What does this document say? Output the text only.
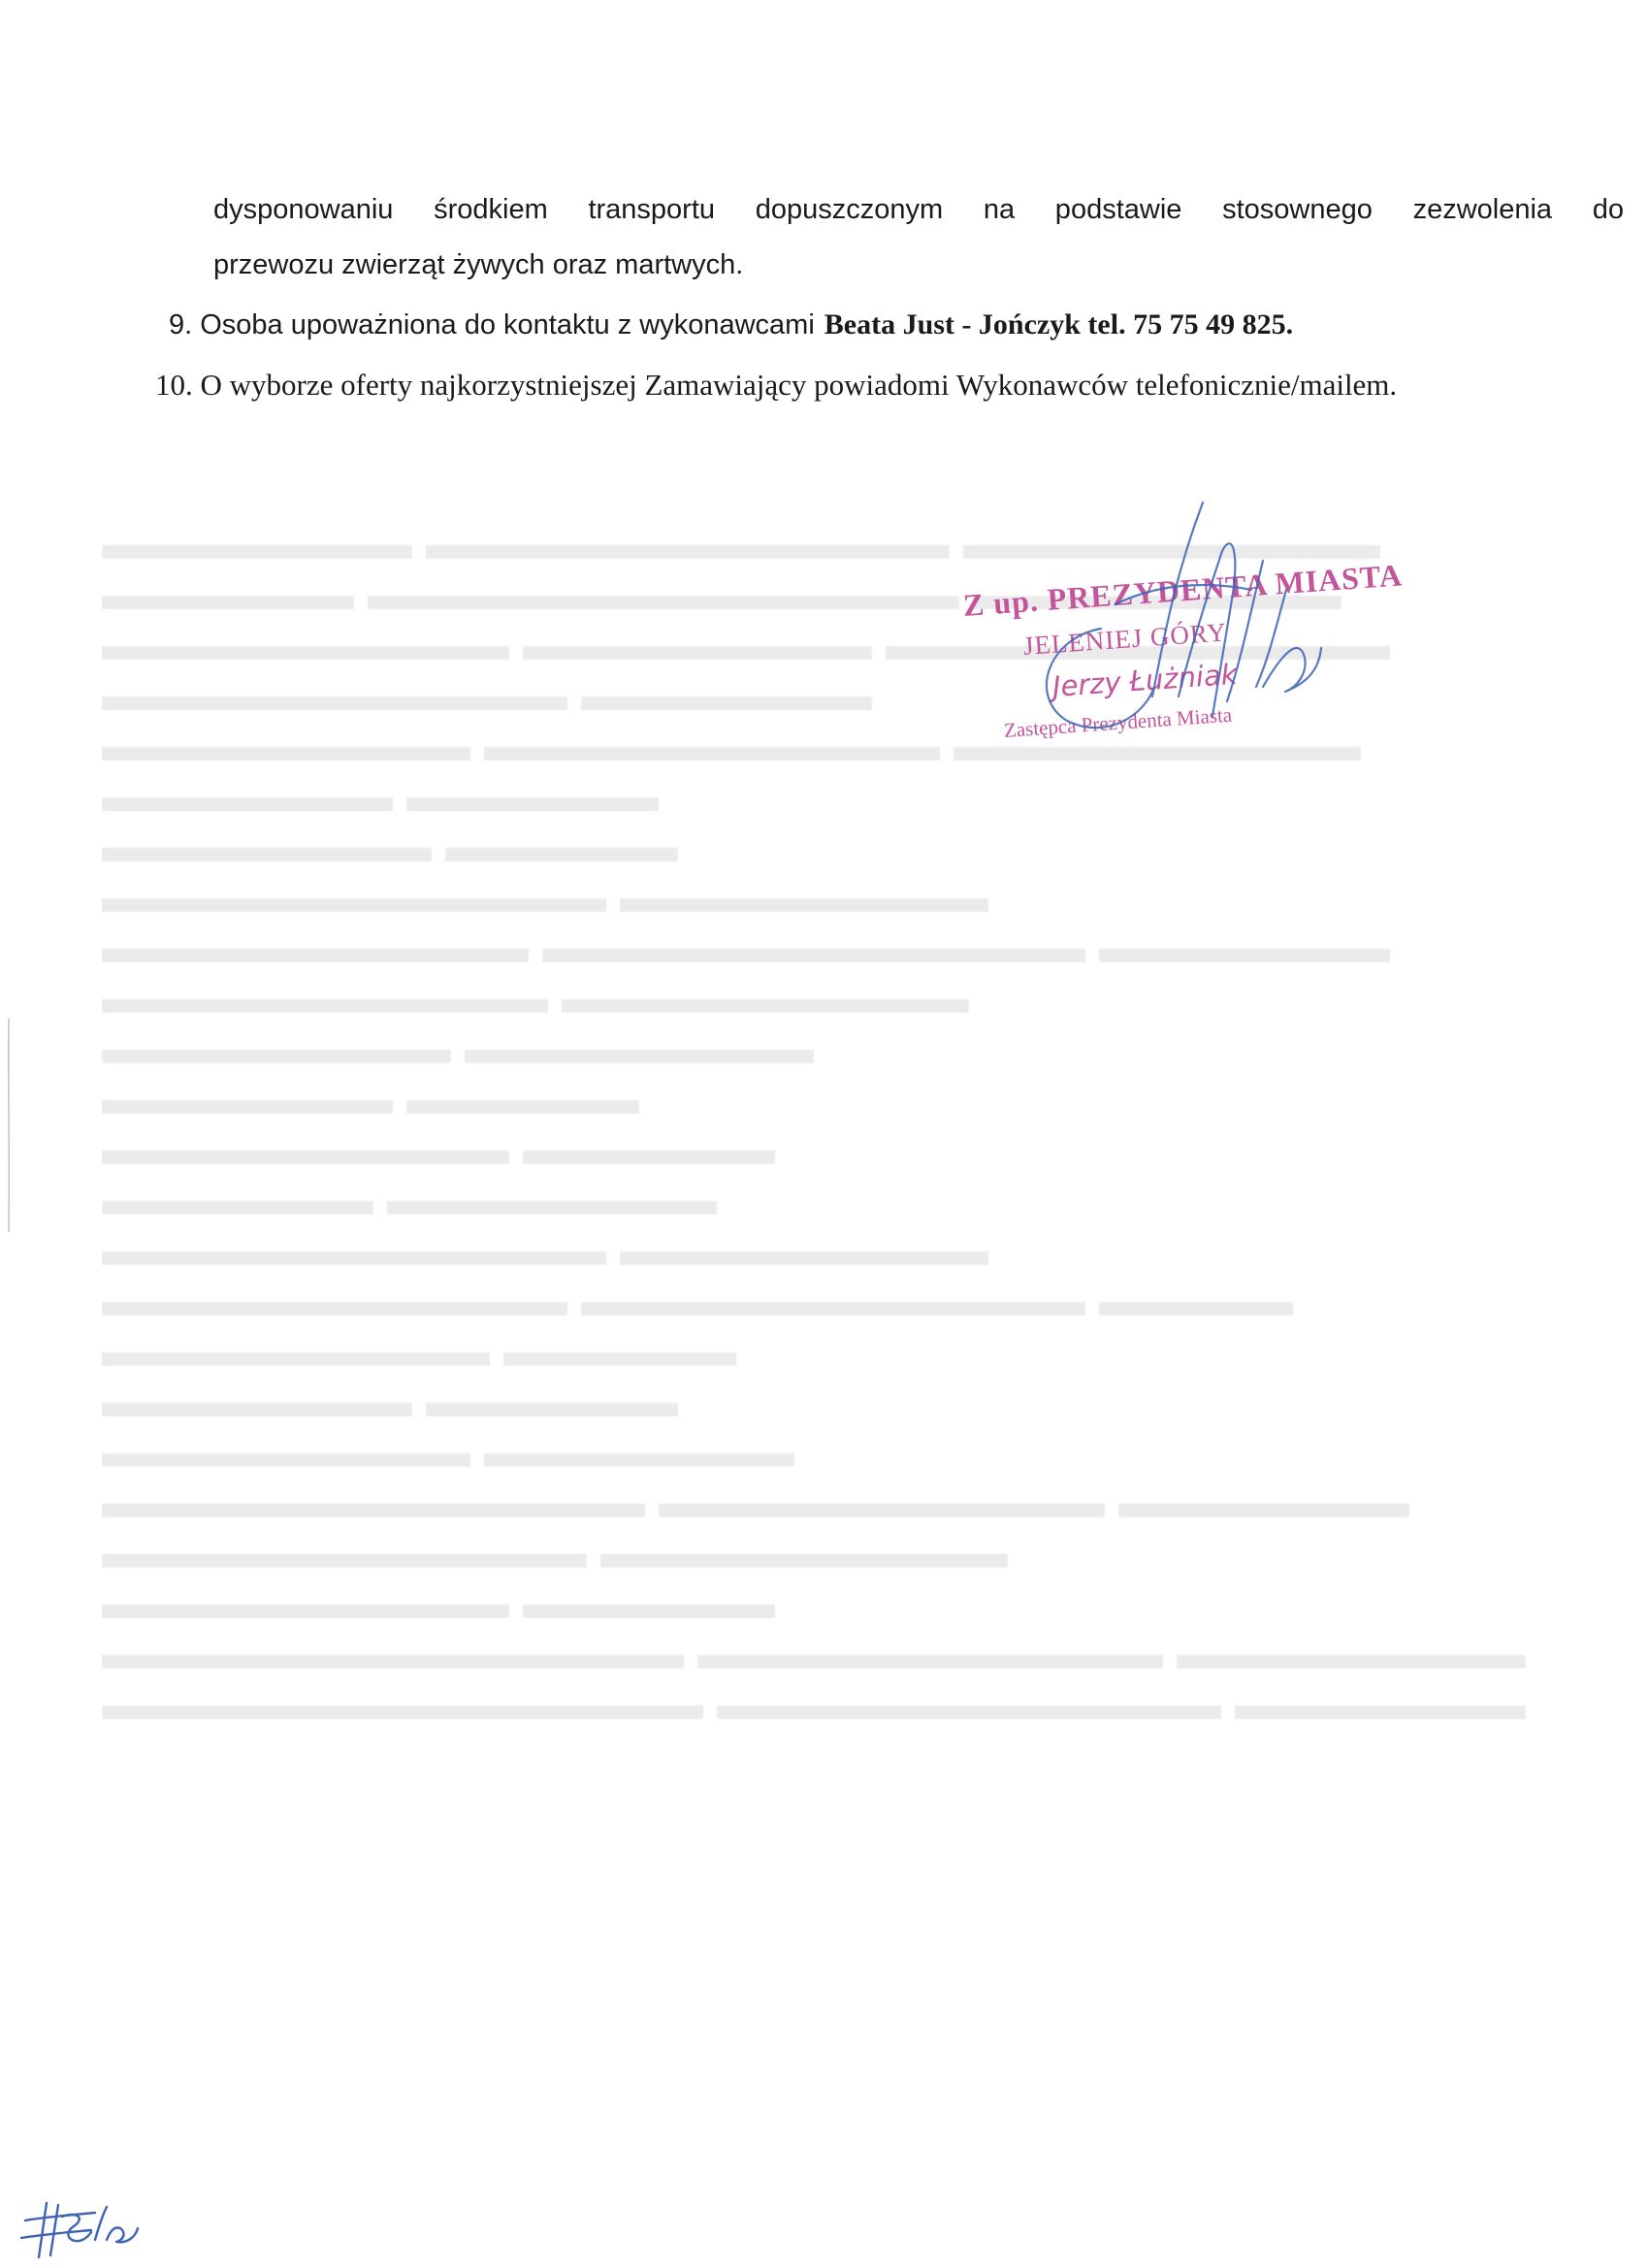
dysponowaniu środkiem transportu dopuszczonym na podstawie stosownego zezwolenia do
przewozu zwierząt żywych oraz martwych.
9. Osoba upoważniona do kontaktu z wykonawcami Beata Just - Jończyk tel. 75 75 49 825.
10. O wyborze oferty najkorzystniejszej Zamawiający powiadomi Wykonawców telefonicznie/mailem.
Z up. PREZYDENTA MIASTA
JELENIEJ GÓRY
Jerzy Łużniak
Zastępca Prezydenta Miasta
